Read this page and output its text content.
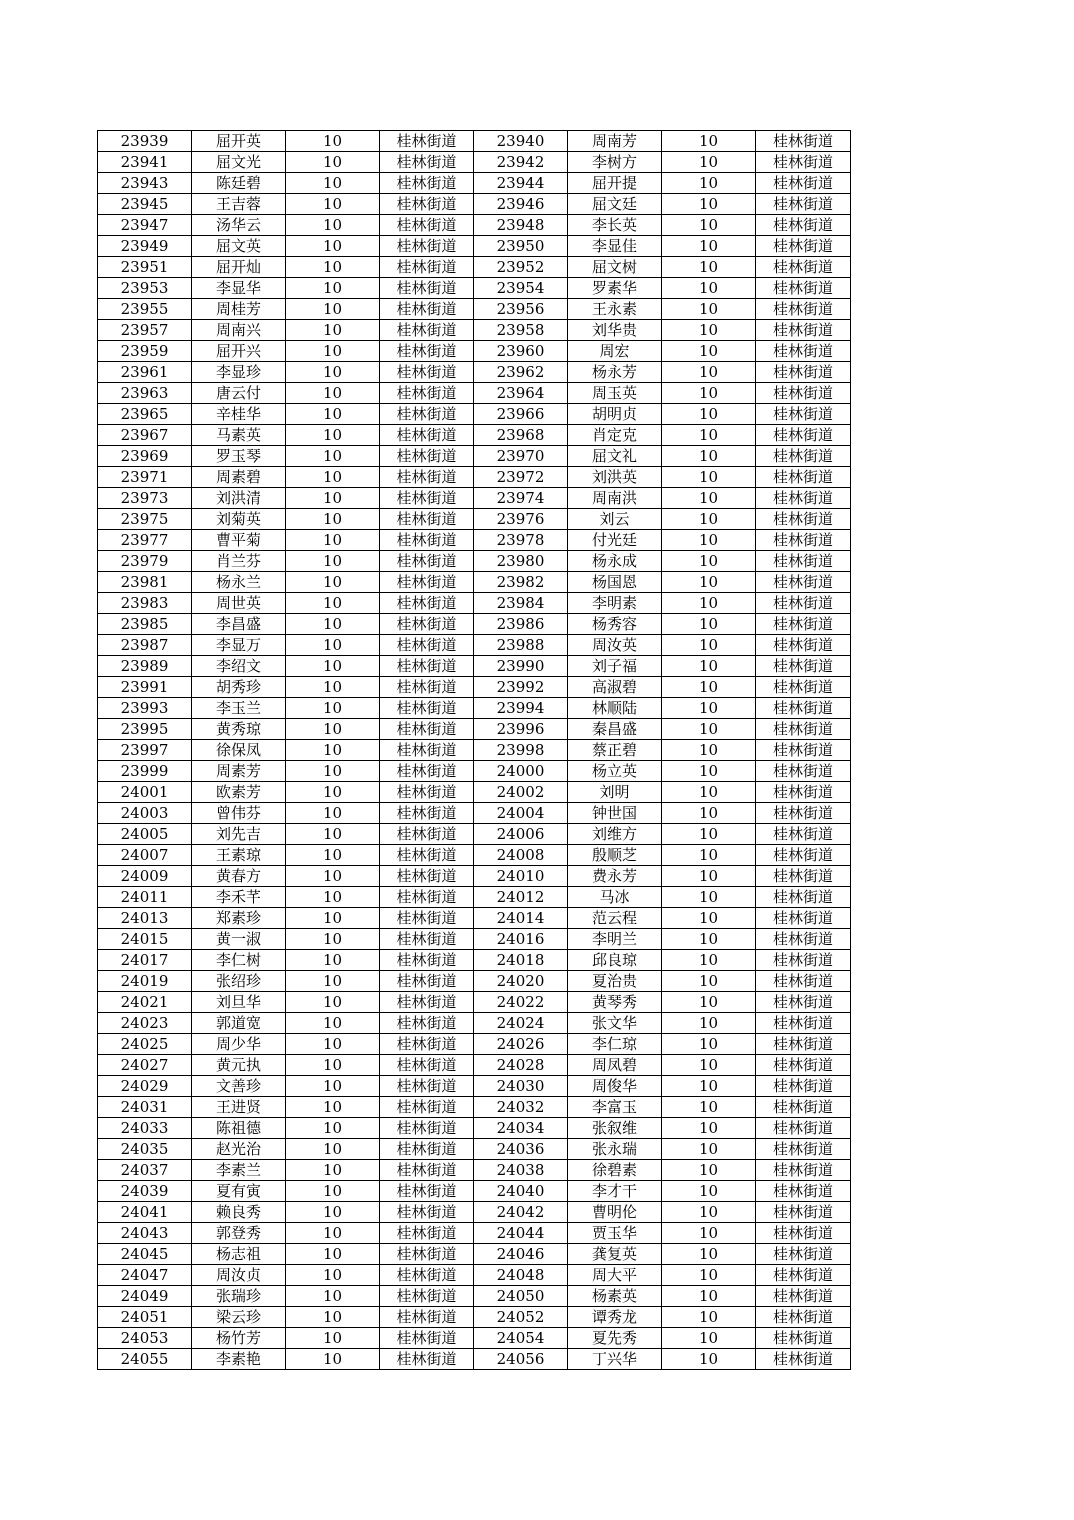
23939	屈开英	10	桂林街道	23940	周南芳	10	桂林街道
23941	屈文光	10	桂林街道	23942	李树方	10	桂林街道
23943	陈廷碧	10	桂林街道	23944	屈开提	10	桂林街道
23945	王吉蓉	10	桂林街道	23946	屈文廷	10	桂林街道
23947	汤华云	10	桂林街道	23948	李长英	10	桂林街道
23949	屈文英	10	桂林街道	23950	李显佳	10	桂林街道
23951	屈开灿	10	桂林街道	23952	屈文树	10	桂林街道
23953	李显华	10	桂林街道	23954	罗素华	10	桂林街道
23955	周桂芳	10	桂林街道	23956	王永素	10	桂林街道
23957	周南兴	10	桂林街道	23958	刘华贵	10	桂林街道
23959	屈开兴	10	桂林街道	23960	周宏	10	桂林街道
23961	李显珍	10	桂林街道	23962	杨永芳	10	桂林街道
23963	唐云付	10	桂林街道	23964	周玉英	10	桂林街道
23965	辛桂华	10	桂林街道	23966	胡明贞	10	桂林街道
23967	马素英	10	桂林街道	23968	肖定克	10	桂林街道
23969	罗玉琴	10	桂林街道	23970	屈文礼	10	桂林街道
23971	周素碧	10	桂林街道	23972	刘洪英	10	桂林街道
23973	刘洪清	10	桂林街道	23974	周南洪	10	桂林街道
23975	刘菊英	10	桂林街道	23976	刘云	10	桂林街道
23977	曹平菊	10	桂林街道	23978	付光廷	10	桂林街道
23979	肖兰芬	10	桂林街道	23980	杨永成	10	桂林街道
23981	杨永兰	10	桂林街道	23982	杨国恩	10	桂林街道
23983	周世英	10	桂林街道	23984	李明素	10	桂林街道
23985	李昌盛	10	桂林街道	23986	杨秀容	10	桂林街道
23987	李显万	10	桂林街道	23988	周汝英	10	桂林街道
23989	李绍文	10	桂林街道	23990	刘子福	10	桂林街道
23991	胡秀珍	10	桂林街道	23992	高淑碧	10	桂林街道
23993	李玉兰	10	桂林街道	23994	林顺陆	10	桂林街道
23995	黄秀琼	10	桂林街道	23996	秦昌盛	10	桂林街道
23997	徐保凤	10	桂林街道	23998	蔡正碧	10	桂林街道
23999	周素芳	10	桂林街道	24000	杨立英	10	桂林街道
24001	欧素芳	10	桂林街道	24002	刘明	10	桂林街道
24003	曾伟芬	10	桂林街道	24004	钟世国	10	桂林街道
24005	刘先吉	10	桂林街道	24006	刘维方	10	桂林街道
24007	王素琼	10	桂林街道	24008	殷顺芝	10	桂林街道
24009	黄春方	10	桂林街道	24010	费永芳	10	桂林街道
24011	李禾芊	10	桂林街道	24012	马冰	10	桂林街道
24013	郑素珍	10	桂林街道	24014	范云程	10	桂林街道
24015	黄一淑	10	桂林街道	24016	李明兰	10	桂林街道
24017	李仁树	10	桂林街道	24018	邱良琼	10	桂林街道
24019	张绍珍	10	桂林街道	24020	夏治贵	10	桂林街道
24021	刘旦华	10	桂林街道	24022	黄琴秀	10	桂林街道
24023	郭道宽	10	桂林街道	24024	张文华	10	桂林街道
24025	周少华	10	桂林街道	24026	李仁琼	10	桂林街道
24027	黄元执	10	桂林街道	24028	周凤碧	10	桂林街道
24029	文善珍	10	桂林街道	24030	周俊华	10	桂林街道
24031	王进贤	10	桂林街道	24032	李富玉	10	桂林街道
24033	陈祖德	10	桂林街道	24034	张叙维	10	桂林街道
24035	赵光治	10	桂林街道	24036	张永瑞	10	桂林街道
24037	李素兰	10	桂林街道	24038	徐碧素	10	桂林街道
24039	夏有寅	10	桂林街道	24040	李才干	10	桂林街道
24041	赖良秀	10	桂林街道	24042	曹明伦	10	桂林街道
24043	郭登秀	10	桂林街道	24044	贾玉华	10	桂林街道
24045	杨志祖	10	桂林街道	24046	龚复英	10	桂林街道
24047	周汝贞	10	桂林街道	24048	周大平	10	桂林街道
24049	张瑞珍	10	桂林街道	24050	杨素英	10	桂林街道
24051	梁云珍	10	桂林街道	24052	谭秀龙	10	桂林街道
24053	杨竹芳	10	桂林街道	24054	夏先秀	10	桂林街道
24055	李素艳	10	桂林街道	24056	丁兴华	10	桂林街道
